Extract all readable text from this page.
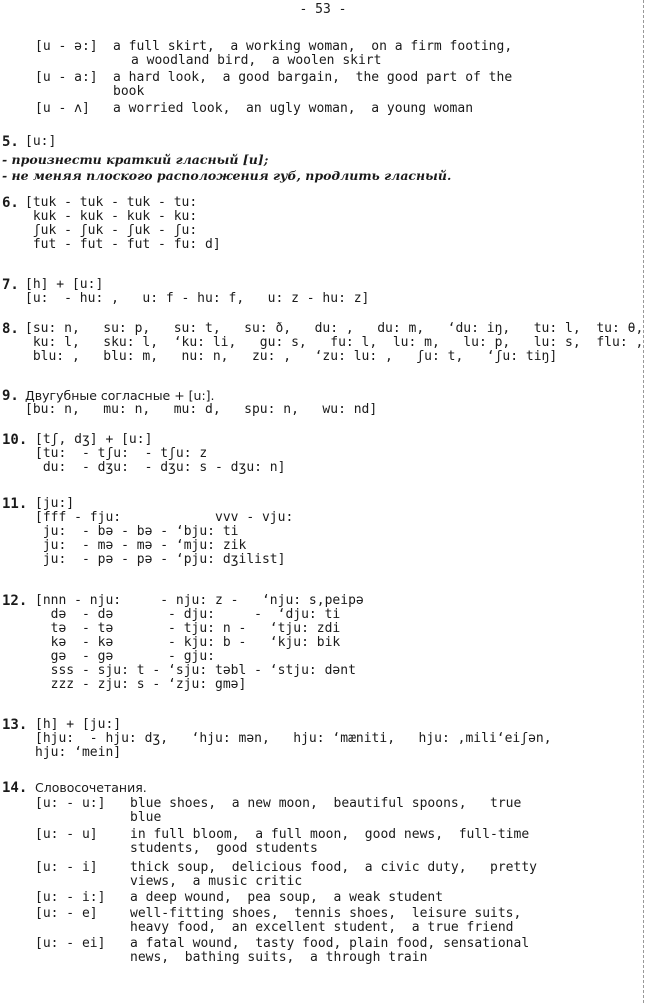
- 53 -
[u - ə:] a full skirt,  a working woman,  on a firm footing,
a woodland bird,  a woolen skirt
[u - a:] a hard look,  a good bargain,  the good part of the
book
[u - ʌ] a worried look,  an ugly woman,  a young woman
5. [u:]
- произнести краткий гласный [u];
- не меняя плоского расположения губ, продлить гласный.
6. [tuk - tuk - tuk - tu:
kuk - kuk - kuk - ku:
ʃuk - ʃuk - ʃuk - ʃu:
fut - fut - fut - fu: d]
7. [h] + [u:]
[u:  - hu: ,   u: f - hu: f,   u: z - hu: z]
8. [su: n,   su: p,   su: t,   su: ð,   du: ,   du: m,   ‘du: iŋ,   tu: l,  tu: θ,
ku: l,   sku: l,  ‘ku: li,   gu: s,   fu: l,  lu: m,   lu: p,   lu: s,  flu: ,
blu: ,   blu: m,   nu: n,   zu: ,   ‘zu: lu: ,   ʃu: t,   ‘ʃu: tiŋ]
9. Двугубные согласные + [u:].
[bu: n,   mu: n,   mu: d,   spu: n,   wu: nd]
10. [tʃ, dʒ] + [u:]
[tu:  - tʃu:  - tʃu: z
du:  - dʒu:  - dʒu: s - dʒu: n]
11. [ju:]
[fff - fju:            vvv - vju:
ju:  - bə - bə - ‘bju: ti
ju:  - mə - mə - ‘mju: zik
ju:  - pə - pə - ‘pju: dʒilist]
12. [nnn - nju:     - nju: z -   ‘nju: s,peipə
də  - də       - dju:     -  ‘dju: ti
tə  - tə       - tju: n -   ‘tju: zdi
kə  - kə       - kju: b -   ‘kju: bik
gə  - gə       - gju:
sss - sju: t - ‘sju: təbl - ‘stju: dənt
zzz - zju: s - ‘zju: gmə]
13. [h] + [ju:]
[hju:  - hju: dʒ,   ‘hju: mən,   hju: ‘mæniti,   hju: ,mili‘eiʃən,
hju: ‘mein]
14. Словосочетания.
[u: - u:] blue shoes,  a new moon,  beautiful spoons,   true
blue
[u: - u] in full bloom,  a full moon,  good news,  full-time
students,  good students
[u: - i] thick soup,  delicious food,  a civic duty,   pretty
views,  a music critic
[u: - i:] a deep wound,  pea soup,  a weak student
[u: - e] well-fitting shoes,  tennis shoes,  leisure suits,
heavy food,  an excellent student,  a true friend
[u: - ei] a fatal wound,  tasty food, plain food, sensational
news,  bathing suits,  a through train
